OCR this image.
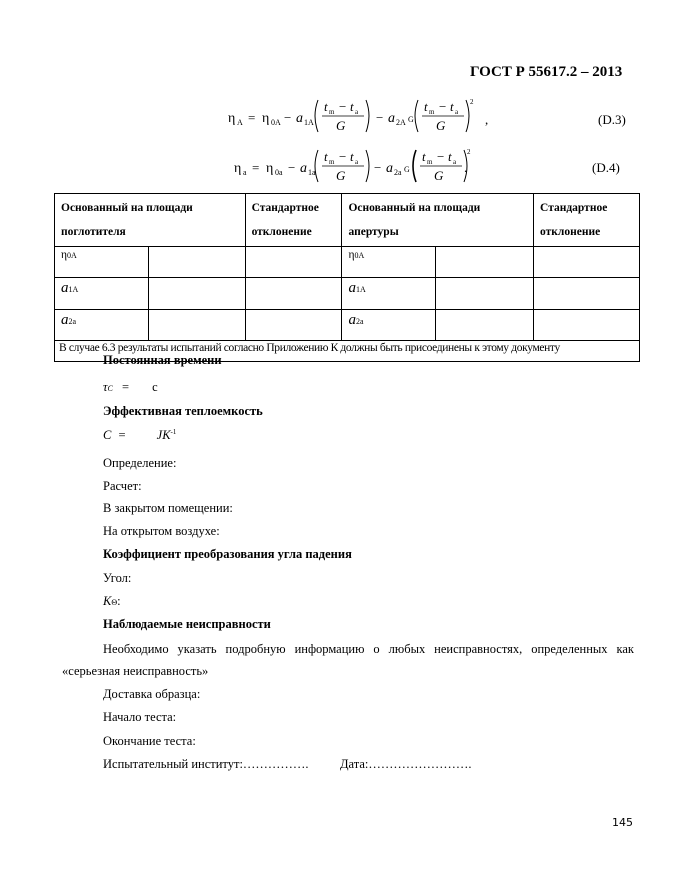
ГОСТ Р 55617.2 – 2013
η A = η 0A − a 1A
t m − t a
G
− a 2A G
t m − t a
G
2
,	(D.3)
η a = η 0a − a 1a
t m − t a
G
− a 2a G
t m − t a
G
2
.	(D.4)
Основанный на площади поглотителя		Стандартное отклонение	Основанный на площади апертуры		Стандартное отклонение
η0A			η0A		
a1A			a1A		
a2a			a2a		
В случае 6.3 результаты испытаний согласно Приложению К должны быть присоединены к этому документу					
Постоянная времени
τC = с
Эффективная теплоемкость
$C = JK^{-1}$
Определение:
Расчет:
В закрытом помещении:
На открытом воздухе:
Коэффициент преобразования угла падения
Угол:
KΘ:
Наблюдаемые неисправности
Необходимо указать подробную информацию о любых неисправностях, определенных как «серьезная неисправность»
Доставка образца:
Начало теста:
Окончание теста:
Испытательный институт:…………….	Дата:…………………….
145
